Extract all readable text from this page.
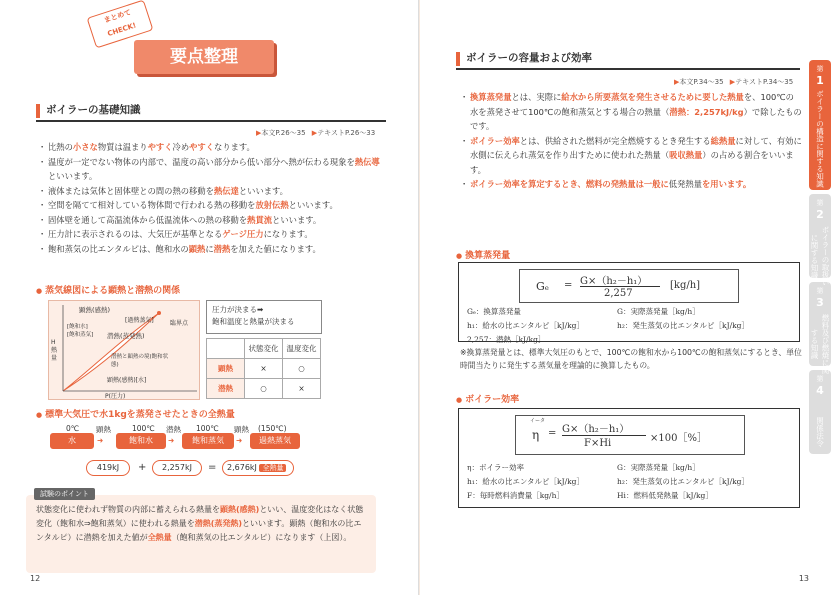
まとめて
CHECK!
要点整理
ボイラーの基礎知識
▶本文P.26～35 ▶テキストP.26～33
・ 比熱の小さな物質は温まりやすく冷めやすくなります。
・ 温度が一定でない物体の内部で、温度の高い部分から低い部分へ熱が伝わる現象を熱伝導といいます。
・ 液体または気体と固体壁との間の熱の移動を熱伝達といいます。
・ 空間を隔てて相対している物体間で行われる熱の移動を放射伝熱といいます。
・ 固体壁を通して高温流体から低温流体への熱の移動を熱貫流といいます。
・ 圧力計に表示されるのは、大気圧が基準となるゲージ圧力になります。
・ 飽和蒸気の比エンタルピは、飽和水の顕熱に潜熱を加えた値になります。
● 蒸気線図による顕熱と潜熱の関係
顕熱(感熱)
[過熱蒸気]
潜熱(蒸発熱)
[飽和水] [飽和蒸気]
潜熱と顕熱の境(飽和状態)
顕熱(感熱)[水]
H 熱量
P(圧力)
臨界点
圧力が決まる➡
飽和温度と熱量が決まる
	状態変化	温度変化
顕熱	×	○
潜熱	○	×
● 標準大気圧で水1kgを蒸発させたときの全熱量
0℃	100℃	100℃	(150℃)
水	飽和水	飽和蒸気	過熱蒸気
顕熱	潜熱	顕熱
➜	➜	➜
419kJ	+	2,257kJ	=	2,676kJ 全熱量
試験のポイント
状態変化に使われず物質の内部に蓄えられる熱量を顕熱(感熱)といい、温度変化はなく状態変化（飽和水⇒飽和蒸気）に使われる熱量を潜熱(蒸発熱)といいます。顕熱（飽和水の比エンタルピ）に潜熱を加えた値が全熱量（飽和蒸気の比エンタルピ）になります（上図）。
12
ボイラーの容量および効率
▶本文P.34～35 ▶テキストP.34～35
・ 換算蒸発量とは、実際に給水から所要蒸気を発生させるために要した熱量を、100℃の水を蒸発させて100℃の飽和蒸気とする場合の熱量（潜熱：2,257kJ/kg）で除したものです。
・ ボイラー効率とは、供給された燃料が完全燃焼するとき発生する総熱量に対して、有効に水側に伝えられ蒸気を作り出すために使われた熱量（吸収熱量）の占める割合をいいます。
・ ボイラー効率を算定するとき、燃料の発熱量は一般に低発熱量を用います。
● 換算蒸発量
Gₑ = G×（h₂－h₁）
2,257
[kg/h]
Gₑ：換算蒸発量	G：実際蒸発量［kg/h］
h₁：給水の比エンタルピ［kJ/kg］	h₂：発生蒸気の比エンタルピ［kJ/kg］
2,257：潜熱［kJ/kg］
※換算蒸発量とは、標準大気圧のもとで、100℃の飽和水から100℃の飽和蒸気にするとき、単位時間当たりに発生する蒸気量を理論的に換算したもの。
● ボイラー効率
イータ
η = G×（h₂－h₁）
F×Hi	×100［%］
η：ボイラー効率	G：実際蒸発量［kg/h］
h₁：給水の比エンタルピ［kJ/kg］	h₂：発生蒸気の比エンタルピ［kJ/kg］
F：毎時燃料消費量［kg/h］	Hi：燃料低発熱量［kJ/kg］
13
第
1
ボイラーの構造に関する知識
第
2
ボイラーの取扱いに関する知識
第
3
燃料及び燃焼に関する知識
第
4
関係法令
